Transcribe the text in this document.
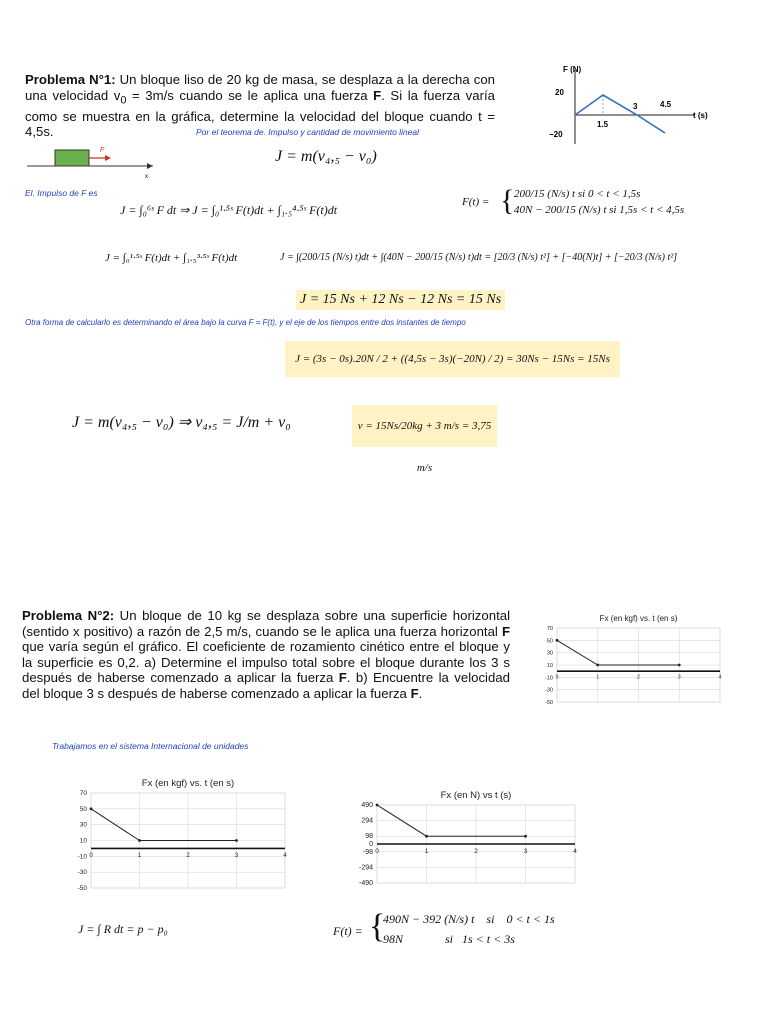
Problema N°1: Un bloque liso de 20 kg de masa, se desplaza a la derecha con una velocidad $v_0 = 3m/s$ cuando se le aplica una fuerza F. Si la fuerza varía como se muestra en la gráfica, determine la velocidad del bloque cuando t = 4,5s.
F (N)
t (s)
20
−20
1.5
3	4.5
Por el teorema de. Impulso y cantidad de movimiento lineal
x
F	J = m(v₄,₅ − v₀)
El. Impulso de F es
J = ∫₀⁶ˢ F dt ⇒ J = ∫₀¹·⁵ˢ F(t)dt + ∫₁.₅⁴·⁵ˢ F(t)dt
F(t) = { 200/15 (N/s) t si 0 < t < 1,5s
40N − 200/15 (N/s) t si 1,5s < t < 4,5s
J = ∫₀¹·⁵ˢ F(t)dt + ∫₁.₅³·⁵ˢ F(t)dt	J = ∫(200/15 (N/s) t)dt + ∫(40N − 200/15 (N/s) t)dt = [20/3 (N/s) t²] + [−40(N)t] + [−20/3 (N/s) t²]
J = 15 Ns + 12 Ns − 12 Ns = 15 Ns
Otra forma de calcularlo es determinando el área bajo la curva F = F(t), y el eje de los tiempos entre dos instantes de tiempo
J = (3s − 0s).20N / 2 + ((4,5s − 3s)(−20N) / 2) = 30Ns − 15Ns = 15Ns
J = m(v₄,₅ − v₀) ⇒ v₄,₅ = J/m + v₀	v = 15Ns/20kg + 3 m/s = 3,75 m/s
Problema N°2: Un bloque de 10 kg se desplaza sobre una superficie horizontal (sentido x positivo) a razón de 2,5 m/s, cuando se le aplica una fuerza horizontal F que varía según el gráfico. El coeficiente de rozamiento cinético entre el bloque y la superficie es 0,2. a) Determine el impulso total sobre el bloque durante los 3 s después de haberse comenzado a aplicar la fuerza F. b) Encuentre la velocidad del bloque 3 s después de haberse comenzado a aplicar la fuerza F.
Fx (en kgf) vs. t (en s)
70
50
30
10
-10
-30
-50
0	1	2	3	4
Trabajamos en el sistema Internacional de unidades
Fx (en kgf) vs. t (en s)
70
50
30
10
-10
-30
-50
0	1	2	3	4
Fx (en N) vs t (s)
490
294
98
0
-98
-294
-490
0	1	2	3	4
J = ∫ R dt = p − p₀	F(t) = {
490N − 392 (N/s) t    si    0 < t < 1s
98N              si   1s < t < 3s
